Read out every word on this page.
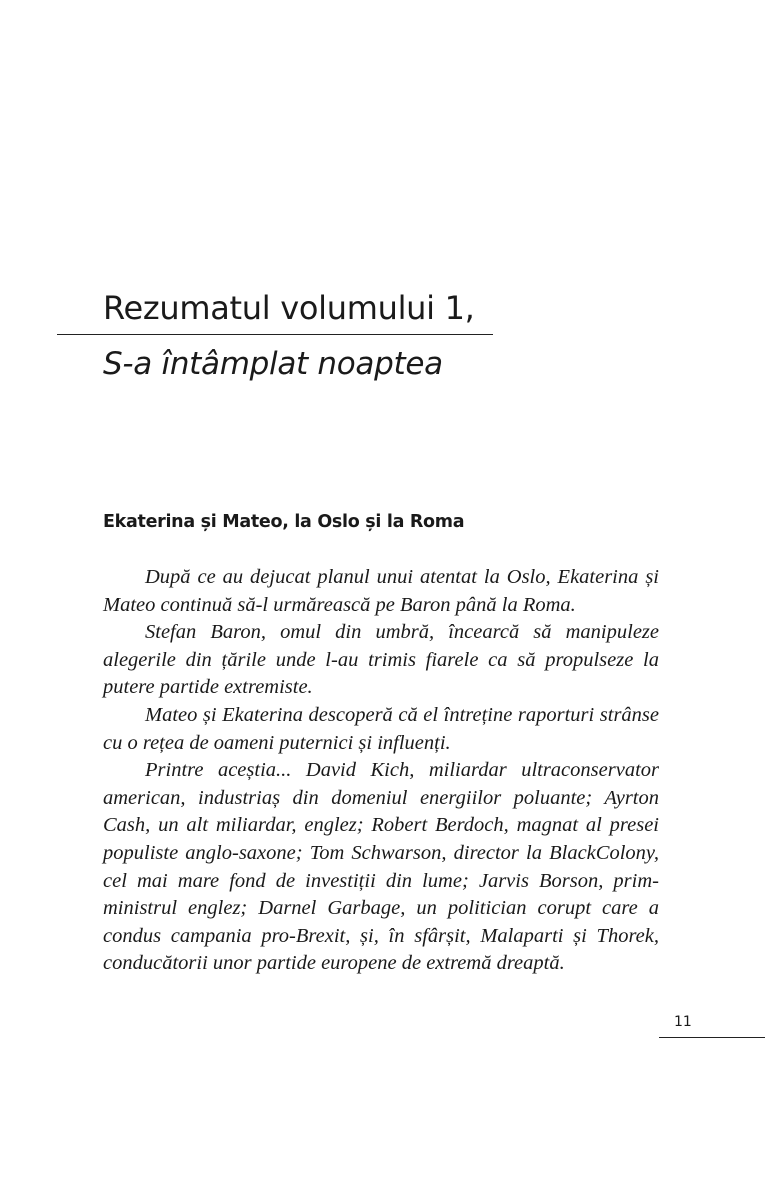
Rezumatul volumului 1,
S-a întâmplat noaptea
Ekaterina și Mateo, la Oslo și la Roma

După ce au dejucat planul unui atentat la Oslo, Ekaterina și Mateo continuă să-l urmărească pe Baron până la Roma.

Stefan Baron, omul din umbră, încearcă să manipuleze alegerile din țările unde l-au trimis fiarele ca să propulseze la putere partide extremiste.

Mateo și Ekaterina descoperă că el întreține raporturi strânse cu o rețea de oameni puternici și influenți.

Printre aceștia... David Kich, miliardar ultraconservator american, industriaș din domeniul energiilor poluante; Ayrton Cash, un alt miliardar, englez; Robert Berdoch, magnat al presei populiste anglo-saxone; Tom Schwarson, director la BlackColony, cel mai mare fond de investiții din lume; Jarvis Borson, prim-ministrul englez; Darnel Garbage, un politician corupt care a condus campania pro-Brexit, și, în sfârșit, Malaparti și Thorek, conducătorii unor partide europene de extremă dreaptă.

11
